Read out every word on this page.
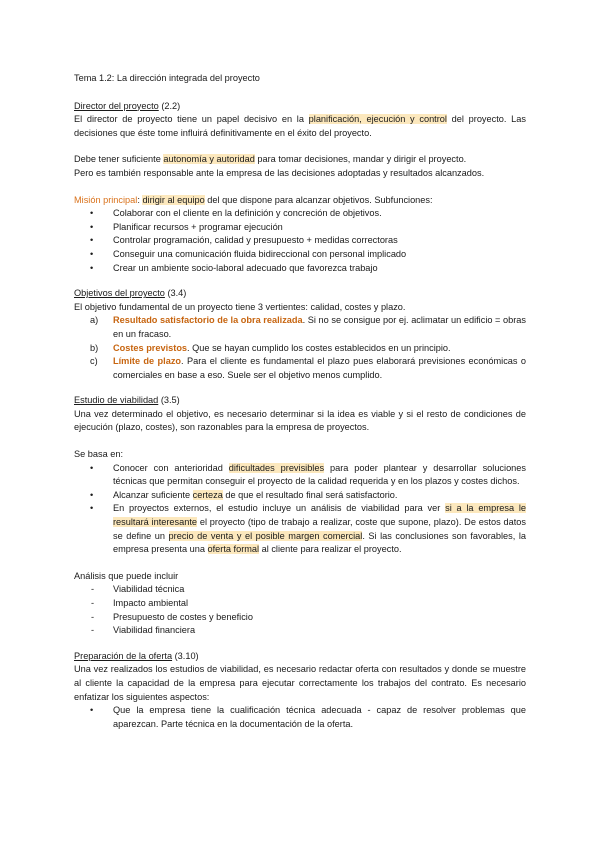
Tema 1.2: La dirección integrada del proyecto

Director del proyecto (2.2)

El director de proyecto tiene un papel decisivo en la planificación, ejecución y control del proyecto. Las decisiones que éste tome influirá definitivamente en el éxito del proyecto.

Debe tener suficiente autonomía y autoridad para tomar decisiones, mandar y dirigir el proyecto.

Pero es también responsable ante la empresa de las decisiones adoptadas y resultados alcanzados.

Misión principal: dirigir al equipo del que dispone para alcanzar objetivos. Subfunciones:

• Colaborar con el cliente en la definición y concreción de objetivos.
• Planificar recursos + programar ejecución
• Controlar programación, calidad y presupuesto + medidas correctoras
• Conseguir una comunicación fluida bidireccional con personal implicado
• Crear un ambiente socio-laboral adecuado que favorezca trabajo

Objetivos del proyecto (3.4)

El objetivo fundamental de un proyecto tiene 3 vertientes: calidad, costes y plazo.

a) Resultado satisfactorio de la obra realizada. Si no se consigue por ej. aclimatar un edificio = obras en un fracaso.
b) Costes previstos. Que se hayan cumplido los costes establecidos en un principio.
c) Límite de plazo. Para el cliente es fundamental el plazo pues elaborará previsiones económicas o comerciales en base a eso. Suele ser el objetivo menos cumplido.

Estudio de viabilidad (3.5)

Una vez determinado el objetivo, es necesario determinar si la idea es viable y si el resto de condiciones de ejecución (plazo, costes), son razonables para la empresa de proyectos.

Se basa en:

• Conocer con anterioridad dificultades previsibles para poder plantear y desarrollar soluciones técnicas que permitan conseguir el proyecto de la calidad requerida y en los plazos y costes dichos.
• Alcanzar suficiente certeza de que el resultado final será satisfactorio.
• En proyectos externos, el estudio incluye un análisis de viabilidad para ver si a la empresa le resultará interesante el proyecto (tipo de trabajo a realizar, coste que supone, plazo). De estos datos se define un precio de venta y el posible margen comercial. Si las conclusiones son favorables, la empresa presenta una oferta formal al cliente para realizar el proyecto.

Análisis que puede incluir

- Viabilidad técnica
- Impacto ambiental
- Presupuesto de costes y beneficio
- Viabilidad financiera

Preparación de la oferta (3.10)

Una vez realizados los estudios de viabilidad, es necesario redactar oferta con resultados y donde se muestre al cliente la capacidad de la empresa para ejecutar correctamente los trabajos del contrato. Es necesario enfatizar los siguientes aspectos:

• Que la empresa tiene la cualificación técnica adecuada - capaz de resolver problemas que aparezcan. Parte técnica en la documentación de la oferta.
